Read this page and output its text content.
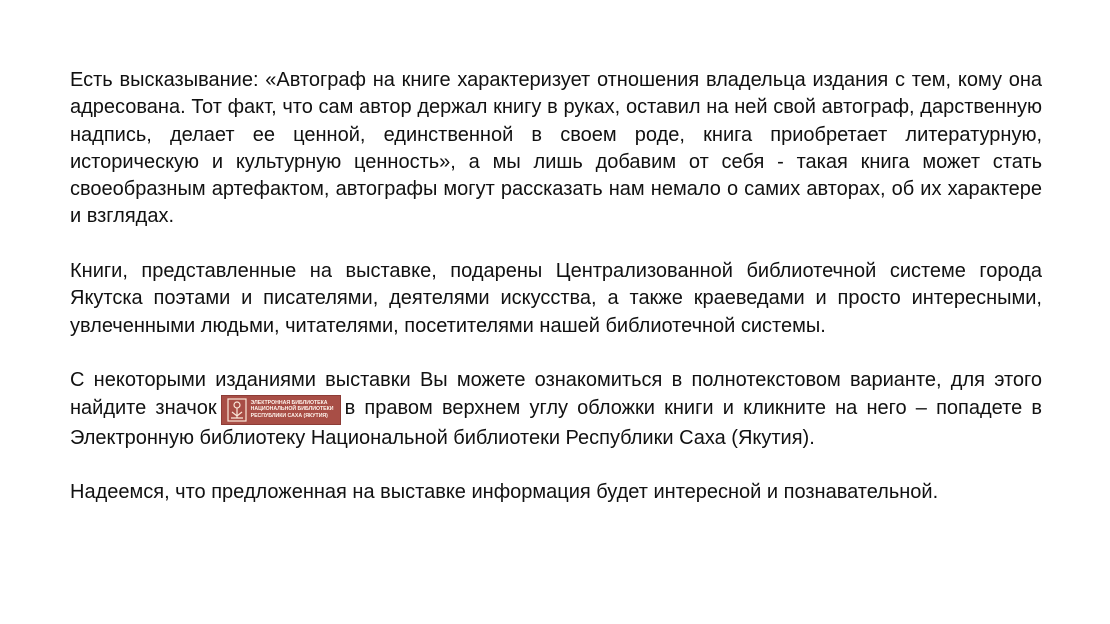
Есть высказывание: «Автограф на книге характеризует отношения владельца издания с тем, кому она адресована. Тот факт, что сам автор держал книгу в руках, оставил на ней свой автограф, дарственную надпись, делает ее ценной, единственной в своем роде, книга приобретает литературную, историческую и культурную ценность», а мы лишь добавим от себя - такая книга может стать своеобразным артефактом, автографы могут рассказать нам немало о самих авторах, об их характере и взглядах.

Книги, представленные на выставке, подарены Централизованной библиотечной системе города Якутска поэтами и писателями, деятелями искусства, а также краеведами и просто интересными, увлеченными людьми, читателями, посетителями нашей библиотечной системы.

С некоторыми изданиями выставки Вы можете ознакомиться в полнотекстовом варианте, для этого найдите значок	ЭЛЕКТРОННАЯ БИБЛИОТЕКА
НАЦИОНАЛЬНОЙ БИБЛИОТЕКИ
РЕСПУБЛИКИ САХА (ЯКУТИЯ) в правом верхнем углу обложки книги и кликните на него – попадете в Электронную библиотеку Национальной библиотеки Республики Саха (Якутия).

Надеемся, что предложенная на выставке информация будет интересной и познавательной.
